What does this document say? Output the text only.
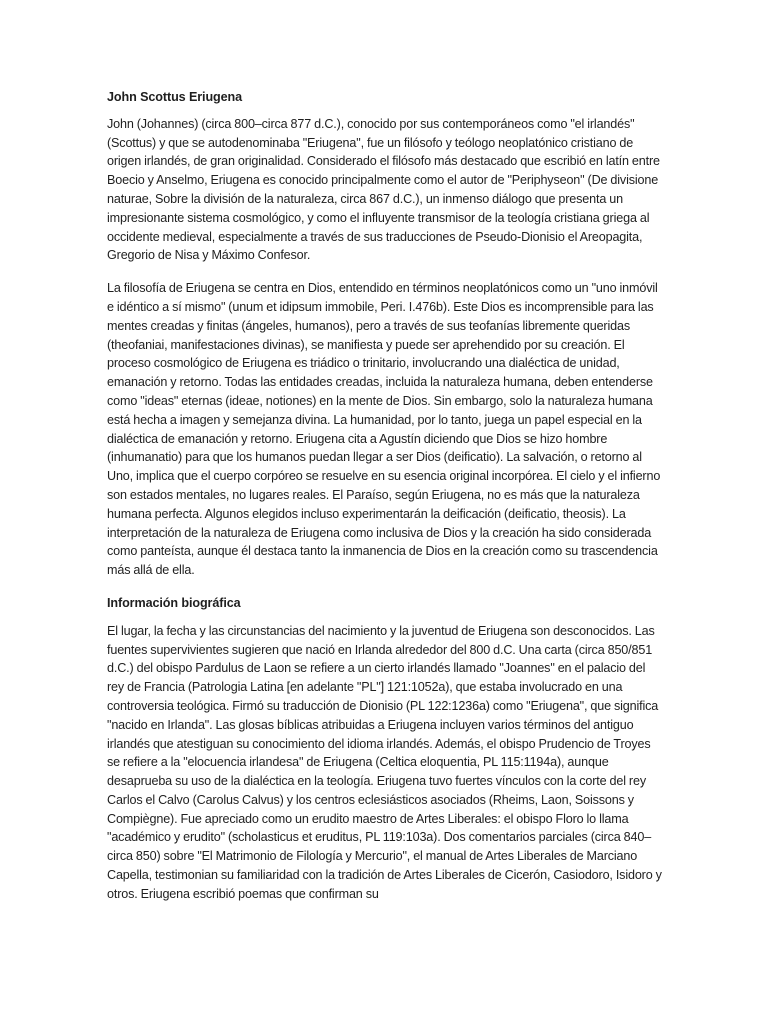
John Scottus Eriugena

John (Johannes) (circa 800–circa 877 d.C.), conocido por sus contemporáneos como "el irlandés" (Scottus) y que se autodenominaba "Eriugena", fue un filósofo y teólogo neoplatónico cristiano de origen irlandés, de gran originalidad. Considerado el filósofo más destacado que escribió en latín entre Boecio y Anselmo, Eriugena es conocido principalmente como el autor de "Periphyseon" (De divisione naturae, Sobre la división de la naturaleza, circa 867 d.C.), un inmenso diálogo que presenta un impresionante sistema cosmológico, y como el influyente transmisor de la teología cristiana griega al occidente medieval, especialmente a través de sus traducciones de Pseudo-Dionisio el Areopagita, Gregorio de Nisa y Máximo Confesor.

La filosofía de Eriugena se centra en Dios, entendido en términos neoplatónicos como un "uno inmóvil e idéntico a sí mismo" (unum et idipsum immobile, Peri. I.476b). Este Dios es incomprensible para las mentes creadas y finitas (ángeles, humanos), pero a través de sus teofanías libremente queridas (theofaniai, manifestaciones divinas), se manifiesta y puede ser aprehendido por su creación. El proceso cosmológico de Eriugena es triádico o trinitario, involucrando una dialéctica de unidad, emanación y retorno. Todas las entidades creadas, incluida la naturaleza humana, deben entenderse como "ideas" eternas (ideae, notiones) en la mente de Dios. Sin embargo, solo la naturaleza humana está hecha a imagen y semejanza divina. La humanidad, por lo tanto, juega un papel especial en la dialéctica de emanación y retorno. Eriugena cita a Agustín diciendo que Dios se hizo hombre (inhumanatio) para que los humanos puedan llegar a ser Dios (deificatio). La salvación, o retorno al Uno, implica que el cuerpo corpóreo se resuelve en su esencia original incorpórea. El cielo y el infierno son estados mentales, no lugares reales. El Paraíso, según Eriugena, no es más que la naturaleza humana perfecta. Algunos elegidos incluso experimentarán la deificación (deificatio, theosis). La interpretación de la naturaleza de Eriugena como inclusiva de Dios y la creación ha sido considerada como panteísta, aunque él destaca tanto la inmanencia de Dios en la creación como su trascendencia más allá de ella.

Información biográfica

El lugar, la fecha y las circunstancias del nacimiento y la juventud de Eriugena son desconocidos. Las fuentes supervivientes sugieren que nació en Irlanda alrededor del 800 d.C. Una carta (circa 850/851 d.C.) del obispo Pardulus de Laon se refiere a un cierto irlandés llamado "Joannes" en el palacio del rey de Francia (Patrologia Latina [en adelante "PL"] 121:1052a), que estaba involucrado en una controversia teológica. Firmó su traducción de Dionisio (PL 122:1236a) como "Eriugena", que significa "nacido en Irlanda". Las glosas bíblicas atribuidas a Eriugena incluyen varios términos del antiguo irlandés que atestiguan su conocimiento del idioma irlandés. Además, el obispo Prudencio de Troyes se refiere a la "elocuencia irlandesa" de Eriugena (Celtica eloquentia, PL 115:1194a), aunque desaprueba su uso de la dialéctica en la teología. Eriugena tuvo fuertes vínculos con la corte del rey Carlos el Calvo (Carolus Calvus) y los centros eclesiásticos asociados (Rheims, Laon, Soissons y Compiègne). Fue apreciado como un erudito maestro de Artes Liberales: el obispo Floro lo llama "académico y erudito" (scholasticus et eruditus, PL 119:103a). Dos comentarios parciales (circa 840–circa 850) sobre "El Matrimonio de Filología y Mercurio", el manual de Artes Liberales de Marciano Capella, testimonian su familiaridad con la tradición de Artes Liberales de Cicerón, Casiodoro, Isidoro y otros. Eriugena escribió poemas que confirman su
